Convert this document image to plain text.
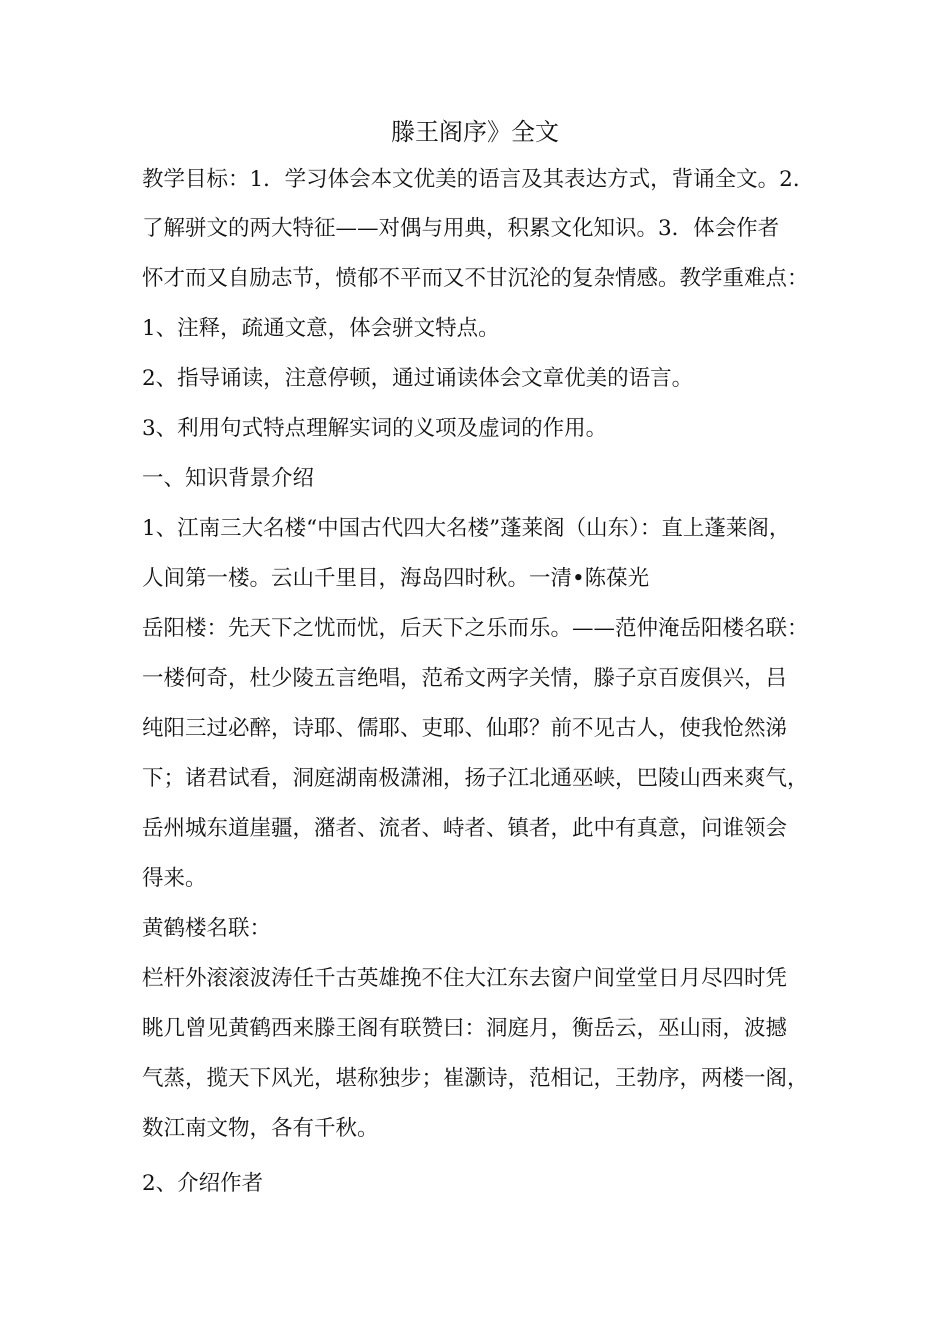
滕王阁序》全文
教学目标：1．学习体会本文优美的语言及其表达方式，背诵全文。2．
了解骈文的两大特征——对偶与用典，积累文化知识。3．体会作者
怀才而又自励志节，愤郁不平而又不甘沉沦的复杂情感。教学重难点：
1、注释，疏通文意，体会骈文特点。
2、指导诵读，注意停顿，通过诵读体会文章优美的语言。
3、利用句式特点理解实词的义项及虚词的作用。
一、知识背景介绍
1、江南三大名楼“中国古代四大名楼”蓬莱阁（山东）：直上蓬莱阁，
人间第一楼。云山千里目，海岛四时秋。一清•陈葆光
岳阳楼：先天下之忧而忧，后天下之乐而乐。——范仲淹岳阳楼名联：
一楼何奇，杜少陵五言绝唱，范希文两字关情，滕子京百废俱兴，吕
纯阳三过必醉，诗耶、儒耶、吏耶、仙耶？前不见古人，使我怆然涕
下；诸君试看，洞庭湖南极潇湘，扬子江北通巫峡，巴陵山西来爽气，
岳州城东道崖疆，潴者、流者、峙者、镇者，此中有真意，问谁领会
得来。
黄鹤楼名联：
栏杆外滚滚波涛任千古英雄挽不住大江东去窗户间堂堂日月尽四时凭
眺几曾见黄鹤西来滕王阁有联赞曰：洞庭月，衡岳云，巫山雨，波撼
气蒸，揽天下风光，堪称独步；崔灏诗，范相记，王勃序，两楼一阁，
数江南文物，各有千秋。
2、介绍作者
